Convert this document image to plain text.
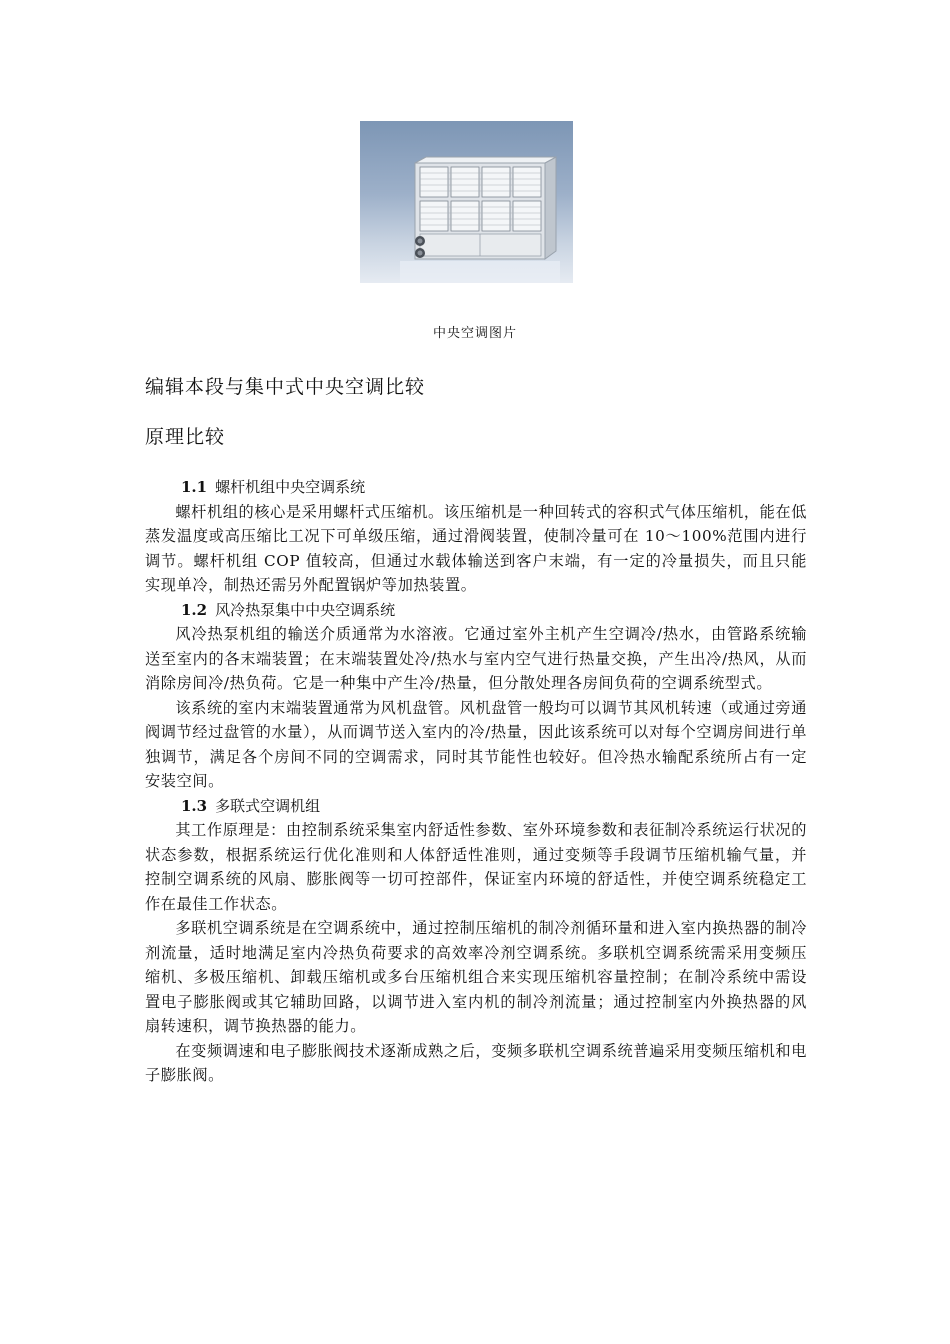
中央空调图片
编辑本段与集中式中央空调比较
原理比较
1.1 螺杆机组中央空调系统

螺杆机组的核心是采用螺杆式压缩机。该压缩机是一种回转式的容积式气体压缩机，能在低蒸发温度或高压缩比工况下可单级压缩，通过滑阀装置，使制冷量可在 10～100%范围内进行调节。螺杆机组 COP 值较高，但通过水载体输送到客户末端，有一定的冷量损失，而且只能实现单冷，制热还需另外配置锅炉等加热装置。

1.2 风冷热泵集中中央空调系统

风冷热泵机组的输送介质通常为水溶液。它通过室外主机产生空调冷/热水，由管路系统输送至室内的各末端装置；在末端装置处冷/热水与室内空气进行热量交换，产生出冷/热风，从而消除房间冷/热负荷。它是一种集中产生冷/热量，但分散处理各房间负荷的空调系统型式。

该系统的室内末端装置通常为风机盘管。风机盘管一般均可以调节其风机转速（或通过旁通阀调节经过盘管的水量），从而调节送入室内的冷/热量，因此该系统可以对每个空调房间进行单独调节，满足各个房间不同的空调需求，同时其节能性也较好。但冷热水输配系统所占有一定安装空间。

1.3 多联式空调机组

其工作原理是：由控制系统采集室内舒适性参数、室外环境参数和表征制冷系统运行状况的状态参数，根据系统运行优化准则和人体舒适性准则，通过变频等手段调节压缩机输气量，并控制空调系统的风扇、膨胀阀等一切可控部件，保证室内环境的舒适性，并使空调系统稳定工作在最佳工作状态。

多联机空调系统是在空调系统中，通过控制压缩机的制冷剂循环量和进入室内换热器的制冷剂流量，适时地满足室内冷热负荷要求的高效率冷剂空调系统。多联机空调系统需采用变频压缩机、多极压缩机、卸载压缩机或多台压缩机组合来实现压缩机容量控制；在制冷系统中需设置电子膨胀阀或其它辅助回路，以调节进入室内机的制冷剂流量；通过控制室内外换热器的风扇转速积，调节换热器的能力。

在变频调速和电子膨胀阀技术逐渐成熟之后，变频多联机空调系统普遍采用变频压缩机和电子膨胀阀。
